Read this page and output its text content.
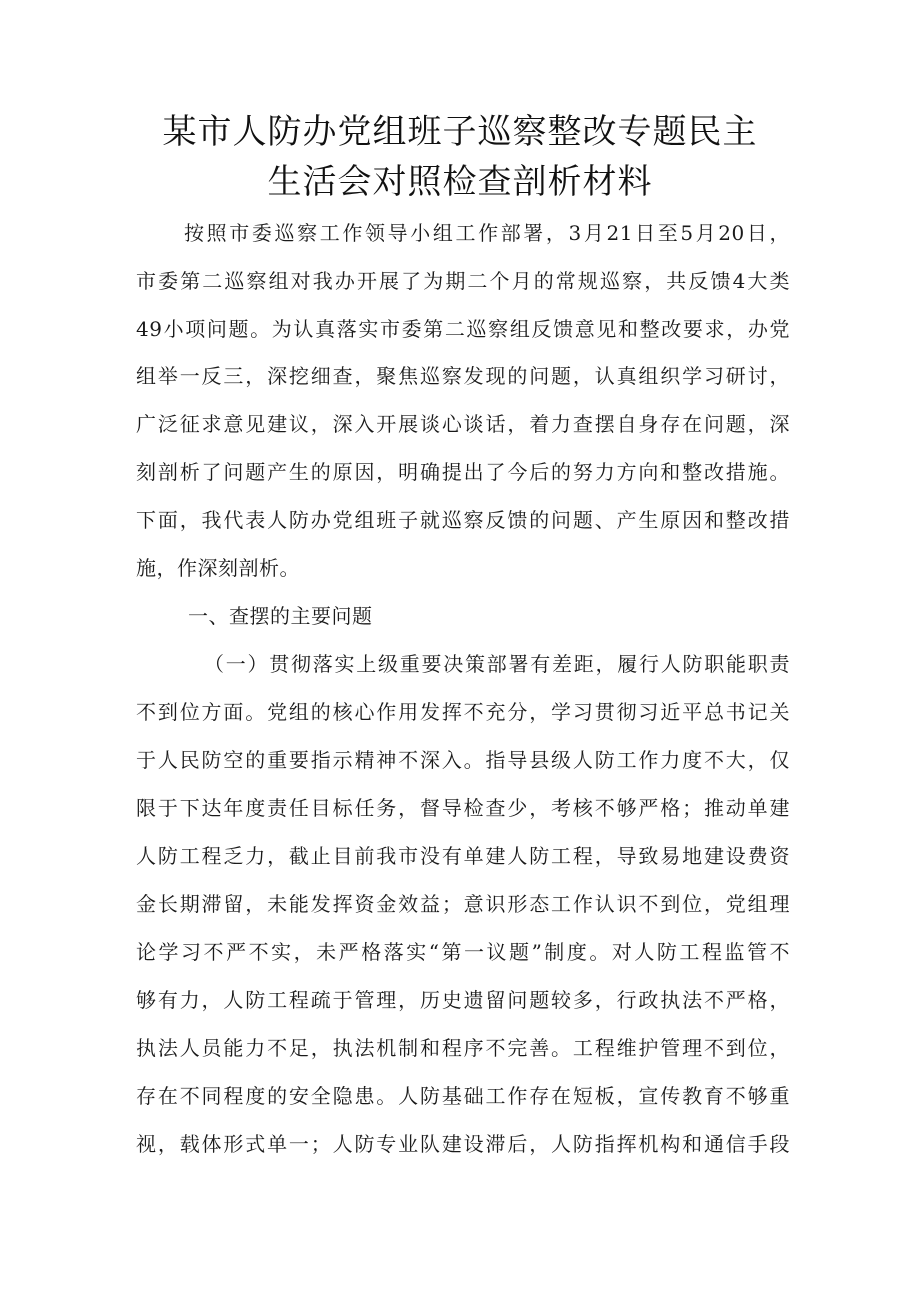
某市人防办党组班子巡察整改专题民主
生活会对照检查剖析材料
按照市委巡察工作领导小组工作部署，3月21日至5月20日，
市委第二巡察组对我办开展了为期二个月的常规巡察，共反馈4大类
49小项问题。为认真落实市委第二巡察组反馈意见和整改要求，办党
组举一反三，深挖细查，聚焦巡察发现的问题，认真组织学习研讨，
广泛征求意见建议，深入开展谈心谈话，着力查摆自身存在问题，深
刻剖析了问题产生的原因，明确提出了今后的努力方向和整改措施。
下面，我代表人防办党组班子就巡察反馈的问题、产生原因和整改措
施，作深刻剖析。
一、查摆的主要问题
（一）贯彻落实上级重要决策部署有差距，履行人防职能职责
不到位方面。党组的核心作用发挥不充分，学习贯彻习近平总书记关
于人民防空的重要指示精神不深入。指导县级人防工作力度不大，仅
限于下达年度责任目标任务，督导检查少，考核不够严格；推动单建
人防工程乏力，截止目前我市没有单建人防工程，导致易地建设费资
金长期滞留，未能发挥资金效益；意识形态工作认识不到位，党组理
论学习不严不实，未严格落实“第一议题”制度。对人防工程监管不
够有力，人防工程疏于管理，历史遗留问题较多，行政执法不严格，
执法人员能力不足，执法机制和程序不完善。工程维护管理不到位，
存在不同程度的安全隐患。人防基础工作存在短板，宣传教育不够重
视，载体形式单一；人防专业队建设滞后，人防指挥机构和通信手段
